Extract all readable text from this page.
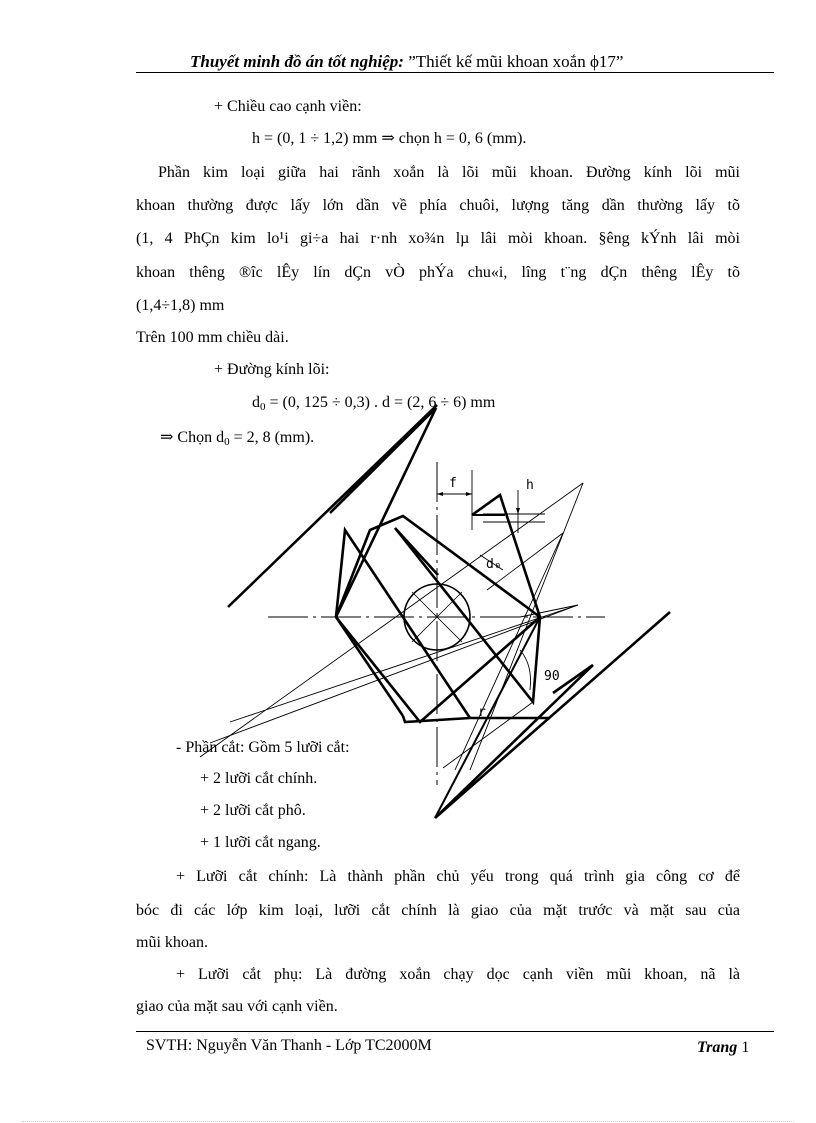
Thuyết minh đồ án tốt nghiệp: ”Thiết kế mũi khoan xoắn ϕ17”
+ Chiều cao cạnh viền:
h = (0, 1 ÷ 1,2) mm ⇒ chọn h = 0, 6 (mm).
Phần kim loại giữa hai rãnh xoắn là lõi mũi khoan. Đường kính lõi mũi
khoan thường được lấy lớn dần về phía chuôi, lượng tăng dần thường lấy tõ
(1, 4 PhÇn kim lo¹i gi÷a hai r·nh xo¾n lµ lâi mòi khoan. §êng kÝnh lâi mòi
khoan thêng ®îc lÊy lín dÇn vÒ phÝa chu«i, lîng t¨ng dÇn thêng lÊy tõ
(1,4÷1,8) mm
Trên 100 mm chiều dài.
+ Đường kính lõi:
$d_0 = (0$, 125 ÷ 0,3) . d = (2, 6 ÷ 6) mm
⇒ Chọn $d_0 = 2$, 8 (mm).
f	h
d₀
90
r
- Phần cắt: Gồm 5 lưỡi cắt:
+ 2 lưỡi cắt chính.
+ 2 lưỡi cắt phô.
+ 1 lưỡi cắt ngang.
+ Lưỡi cắt chính: Là thành phần chủ yếu trong quá trình gia công cơ để
bóc đi các lớp kim loại, lưỡi cắt chính là giao của mặt trước và mặt sau của
mũi khoan.
+ Lưỡi cắt phụ: Là đường xoắn chạy dọc cạnh viền mũi khoan, nã là
giao của mặt sau với cạnh viền.
SVTH: Nguyễn Văn Thanh - Lớp TC2000M	Trang 1
